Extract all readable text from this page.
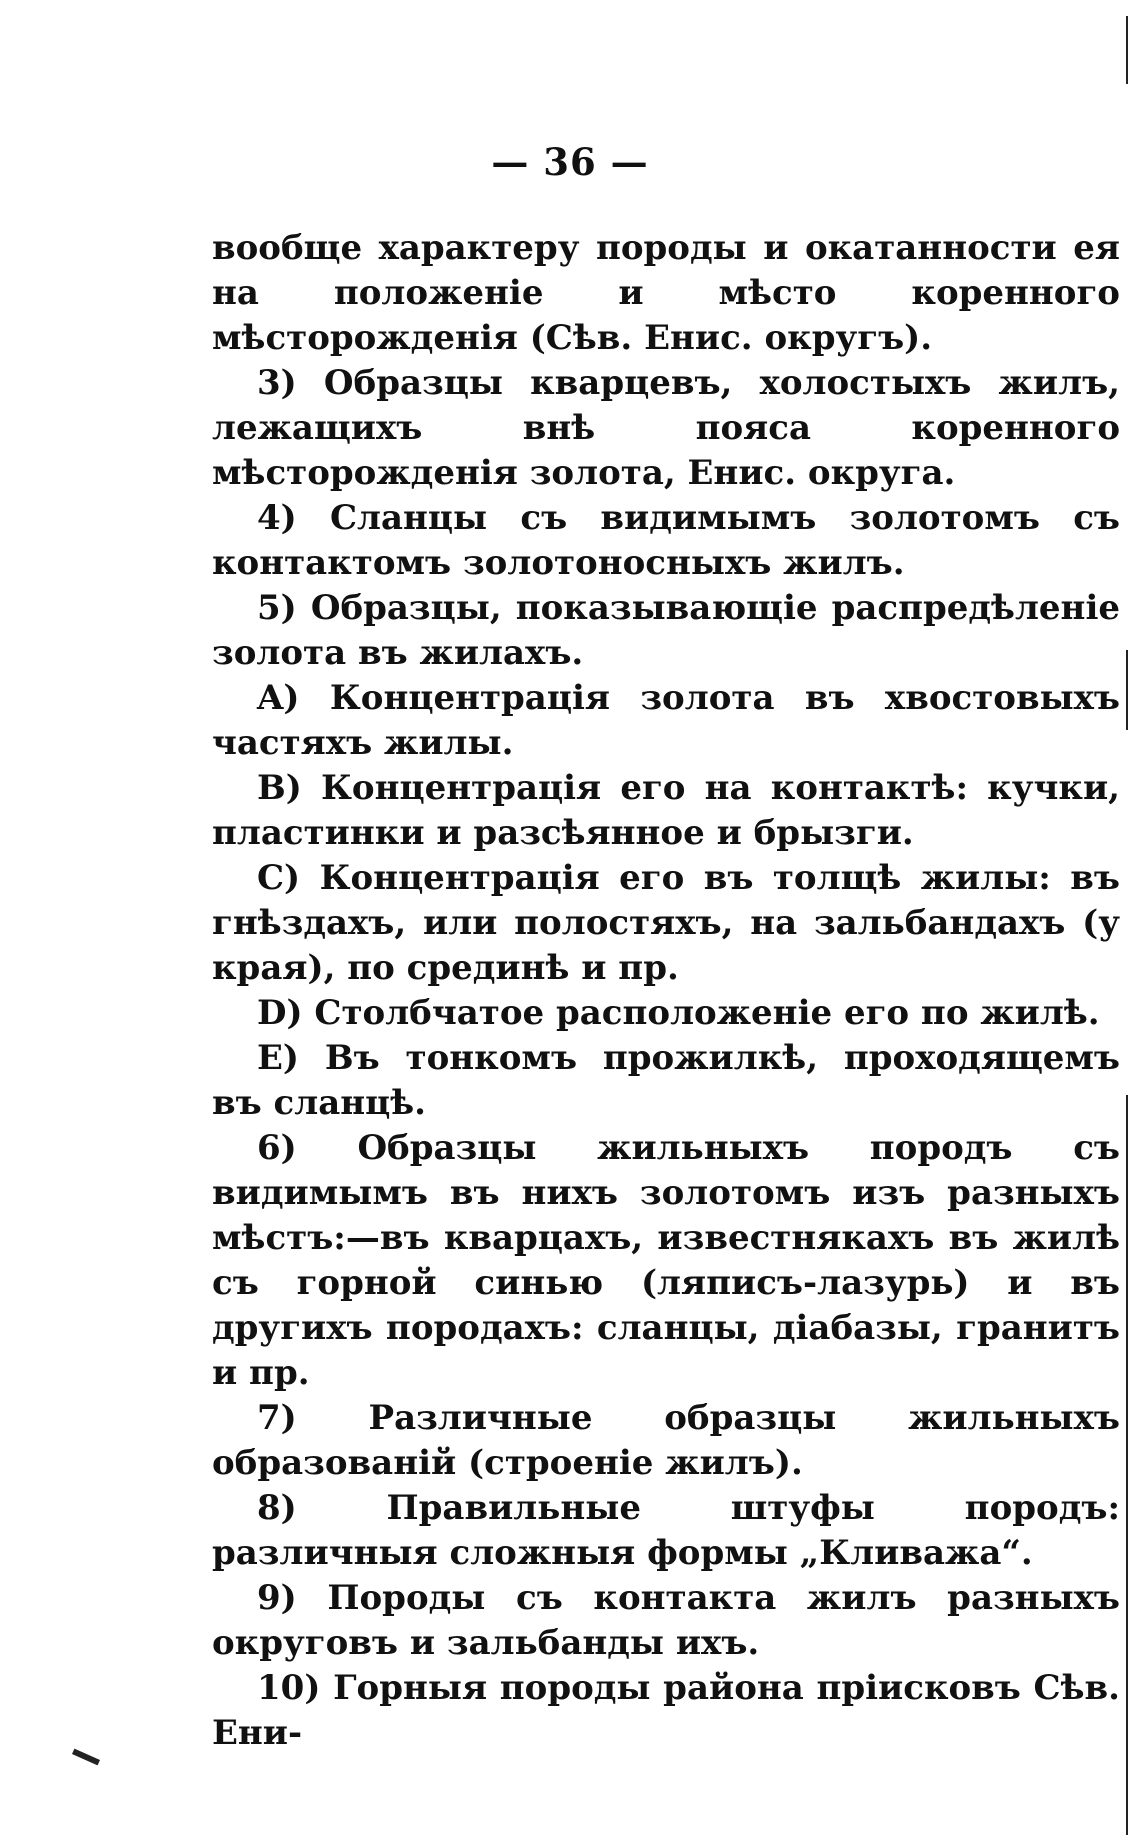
— 36 —

вообще характеру породы и окатанности ея на положеніе и мѣсто коренного мѣсторожденія (Сѣв. Енис. округъ).

3) Образцы кварцевъ, холостыхъ жилъ, лежащихъ внѣ пояса коренного мѣсторожденія золота, Енис. округа.

4) Сланцы съ видимымъ золотомъ съ контактомъ золотоносныхъ жилъ.

5) Образцы, показывающіе распредѣленіе золота въ жилахъ.

A) Концентрація золота въ хвостовыхъ частяхъ жилы.

B) Концентрація его на контактѣ: кучки, пластинки и разсѣянное и брызги.

C) Концентрація его въ толщѣ жилы: въ гнѣздахъ, или полостяхъ, на зальбандахъ (у края), по срединѣ и пр.

D) Столбчатое расположеніе его по жилѣ.

E) Въ тонкомъ прожилкѣ, проходящемъ въ сланцѣ.

6) Образцы жильныхъ породъ съ видимымъ въ нихъ золотомъ изъ разныхъ мѣстъ:—въ кварцахъ, известнякахъ въ жилѣ съ горной синью (ляписъ-лазурь) и въ другихъ породахъ: сланцы, діабазы, гранитъ и пр.

7) Различные образцы жильныхъ образованій (строеніе жилъ).

8) Правильные штуфы породъ: различныя сложныя формы „Кливажа“.

9) Породы съ контакта жилъ разныхъ округовъ и зальбанды ихъ.

10) Горныя породы района пріисковъ Сѣв. Ени-
